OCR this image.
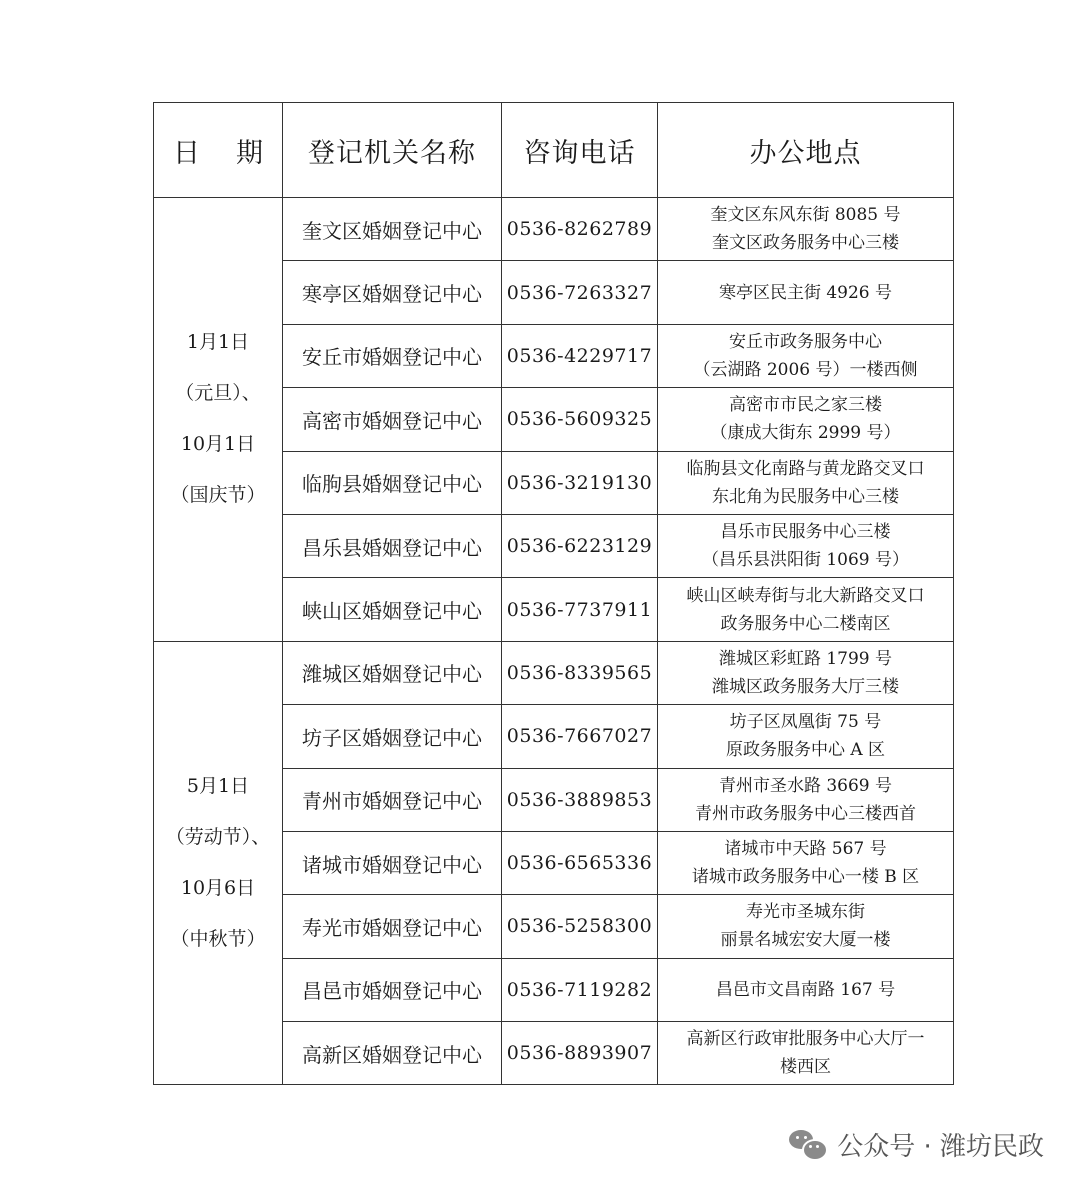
日 期	登记机关名称	咨询电话	办公地点

1月1日
（元旦）、
10月1日
（国庆节）	奎文区婚姻登记中心	0536-8262789	奎文区东风东街 8085 号
奎文区政务服务中心三楼

	寒亭区婚姻登记中心	0536-7263327	寒亭区民主街 4926 号

	安丘市婚姻登记中心	0536-4229717	安丘市政务服务中心
（云湖路 2006 号）一楼西侧

	高密市婚姻登记中心	0536-5609325	高密市市民之家三楼
（康成大街东 2999 号）

	临朐县婚姻登记中心	0536-3219130	临朐县文化南路与黄龙路交叉口
东北角为民服务中心三楼

	昌乐县婚姻登记中心	0536-6223129	昌乐市民服务中心三楼
（昌乐县洪阳街 1069 号）

	峡山区婚姻登记中心	0536-7737911	峡山区峡寿街与北大新路交叉口
政务服务中心二楼南区

5月1日
（劳动节）、
10月6日
（中秋节）	潍城区婚姻登记中心	0536-8339565	潍城区彩虹路 1799 号
潍城区政务服务大厅三楼

	坊子区婚姻登记中心	0536-7667027	坊子区凤凰街 75 号
原政务服务中心 A 区

	青州市婚姻登记中心	0536-3889853	青州市圣水路 3669 号
青州市政务服务中心三楼西首

	诸城市婚姻登记中心	0536-6565336	诸城市中天路 567 号
诸城市政务服务中心一楼 B 区

	寿光市婚姻登记中心	0536-5258300	寿光市圣城东街
丽景名城宏安大厦一楼

	昌邑市婚姻登记中心	0536-7119282	昌邑市文昌南路 167 号

	高新区婚姻登记中心	0536-8893907	高新区行政审批服务中心大厅一
楼西区
公众号 · 潍坊民政
